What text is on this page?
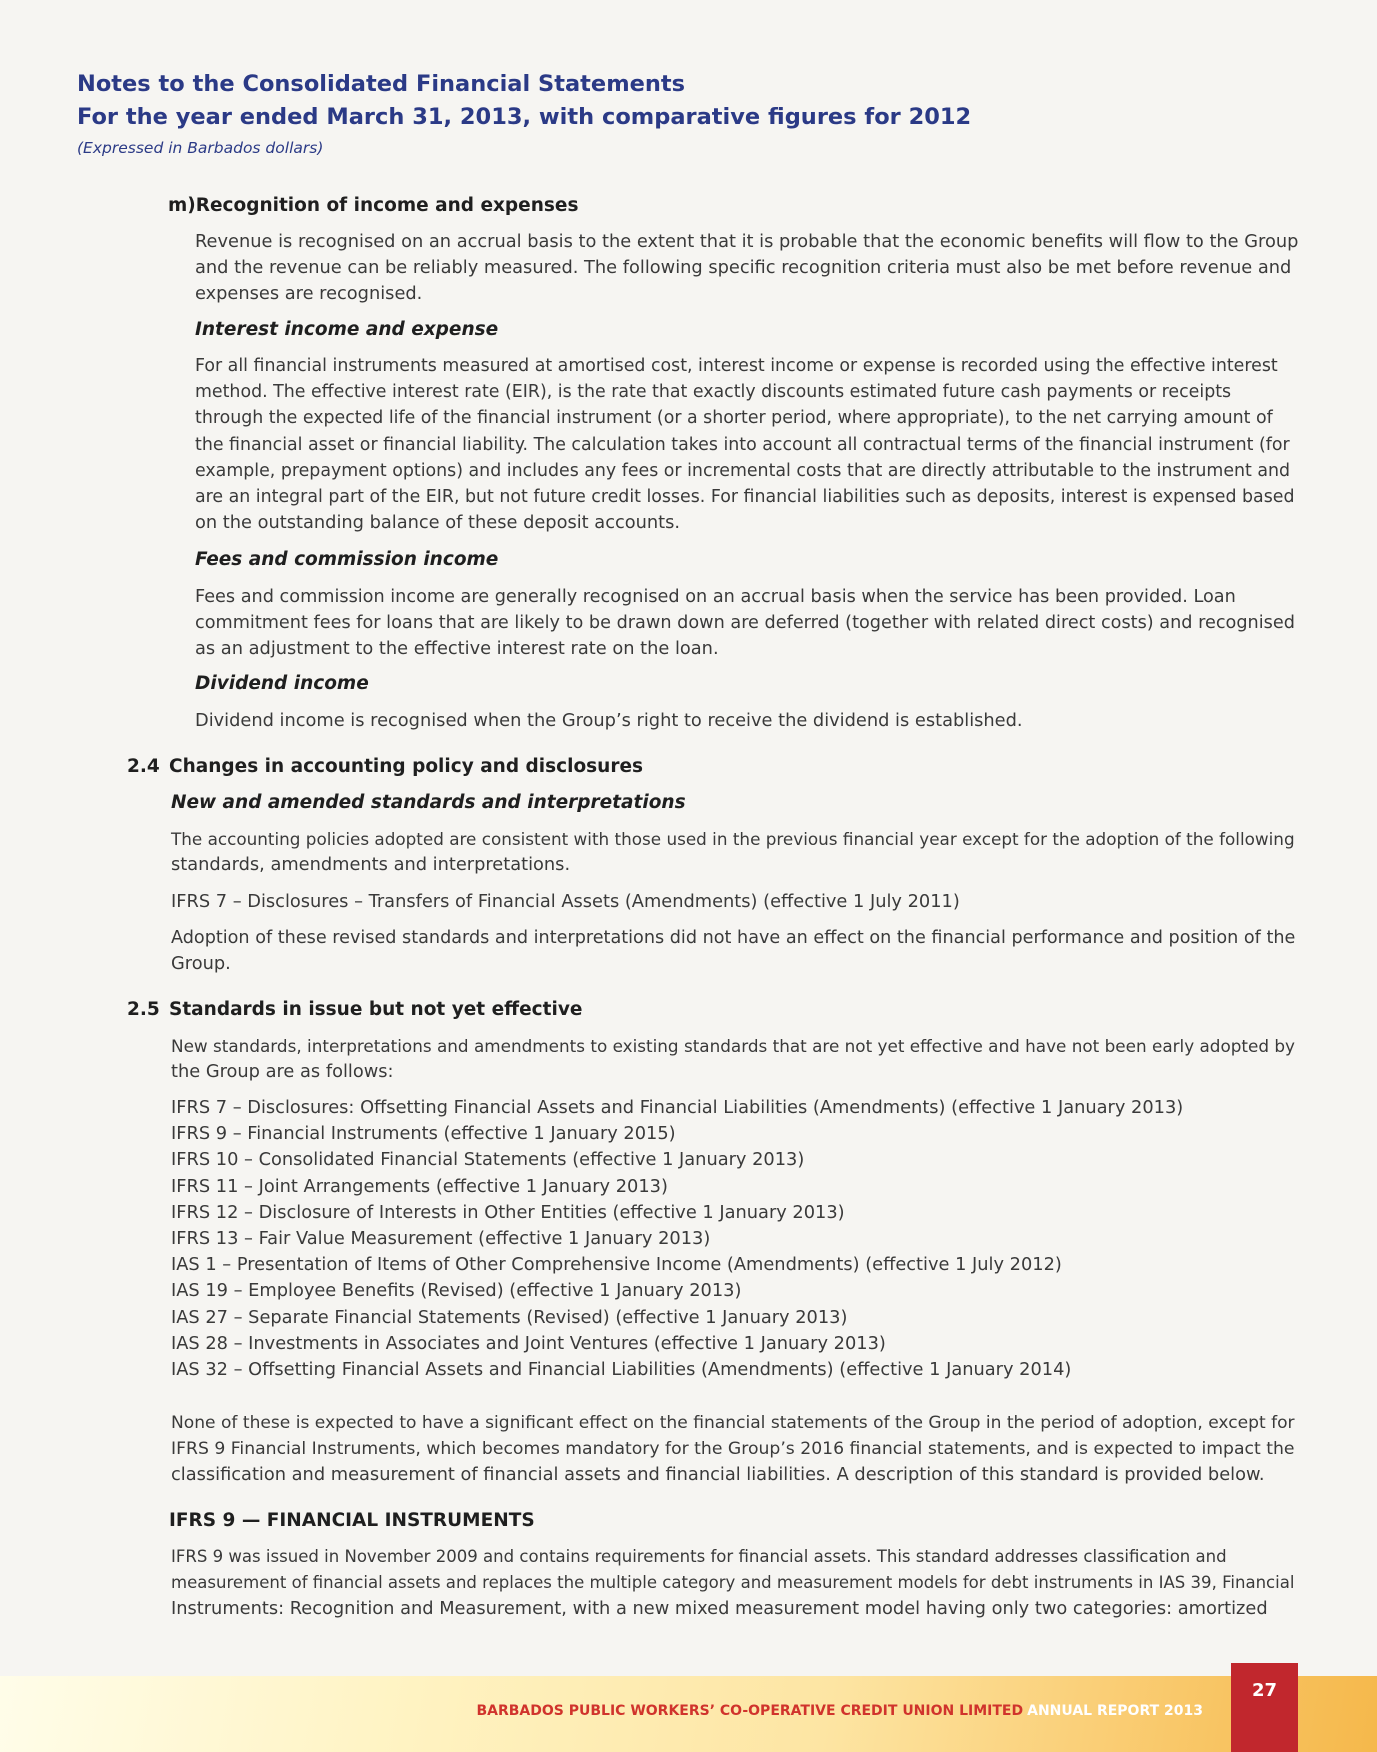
Notes to the Consolidated Financial Statements
For the year ended March 31, 2013, with comparative figures for 2012
(Expressed in Barbados dollars)
m)Recognition of income and expenses
Revenue is recognised on an accrual basis to the extent that it is probable that the economic benefits will flow to the Group
and the revenue can be reliably measured. The following specific recognition criteria must also be met before revenue and
expenses are recognised.
Interest income and expense
For all financial instruments measured at amortised cost, interest income or expense is recorded using the effective interest
method. The effective interest rate (EIR), is the rate that exactly discounts estimated future cash payments or receipts
through the expected life of the financial instrument (or a shorter period, where appropriate), to the net carrying amount of
the financial asset or financial liability. The calculation takes into account all contractual terms of the financial instrument (for
example, prepayment options) and includes any fees or incremental costs that are directly attributable to the instrument and
are an integral part of the EIR, but not future credit losses. For financial liabilities such as deposits, interest is expensed based
on the outstanding balance of these deposit accounts.
Fees and commission income
Fees and commission income are generally recognised on an accrual basis when the service has been provided. Loan
commitment fees for loans that are likely to be drawn down are deferred (together with related direct costs) and recognised
as an adjustment to the effective interest rate on the loan.
Dividend income
Dividend income is recognised when the Group’s right to receive the dividend is established.
2.4 Changes in accounting policy and disclosures
New and amended standards and interpretations
The accounting policies adopted are consistent with those used in the previous financial year except for the adoption of the following
standards, amendments and interpretations.
IFRS 7 – Disclosures – Transfers of Financial Assets (Amendments) (effective 1 July 2011)
Adoption of these revised standards and interpretations did not have an effect on the financial performance and position of the
Group.
2.5 Standards in issue but not yet effective
New standards, interpretations and amendments to existing standards that are not yet effective and have not been early adopted by
the Group are as follows:
IFRS 7 – Disclosures: Offsetting Financial Assets and Financial Liabilities (Amendments) (effective 1 January 2013)
IFRS 9 – Financial Instruments (effective 1 January 2015)
IFRS 10 – Consolidated Financial Statements (effective 1 January 2013)
IFRS 11 – Joint Arrangements (effective 1 January 2013)
IFRS 12 – Disclosure of Interests in Other Entities (effective 1 January 2013)
IFRS 13 – Fair Value Measurement (effective 1 January 2013)
IAS 1 – Presentation of Items of Other Comprehensive Income (Amendments) (effective 1 July 2012)
IAS 19 – Employee Benefits (Revised) (effective 1 January 2013)
IAS 27 – Separate Financial Statements (Revised) (effective 1 January 2013)
IAS 28 – Investments in Associates and Joint Ventures (effective 1 January 2013)
IAS 32 – Offsetting Financial Assets and Financial Liabilities (Amendments) (effective 1 January 2014)
None of these is expected to have a significant effect on the financial statements of the Group in the period of adoption, except for
IFRS 9 Financial Instruments, which becomes mandatory for the Group’s 2016 financial statements, and is expected to impact the
classification and measurement of financial assets and financial liabilities. A description of this standard is provided below.
IFRS 9 — FINANCIAL INSTRUMENTS
IFRS 9 was issued in November 2009 and contains requirements for financial assets. This standard addresses classification and
measurement of financial assets and replaces the multiple category and measurement models for debt instruments in IAS 39, Financial
Instruments: Recognition and Measurement, with a new mixed measurement model having only two categories: amortized
BARBADOS PUBLIC WORKERS’ CO-OPERATIVE CREDIT UNION LIMITED ANNUAL REPORT 2013
27
